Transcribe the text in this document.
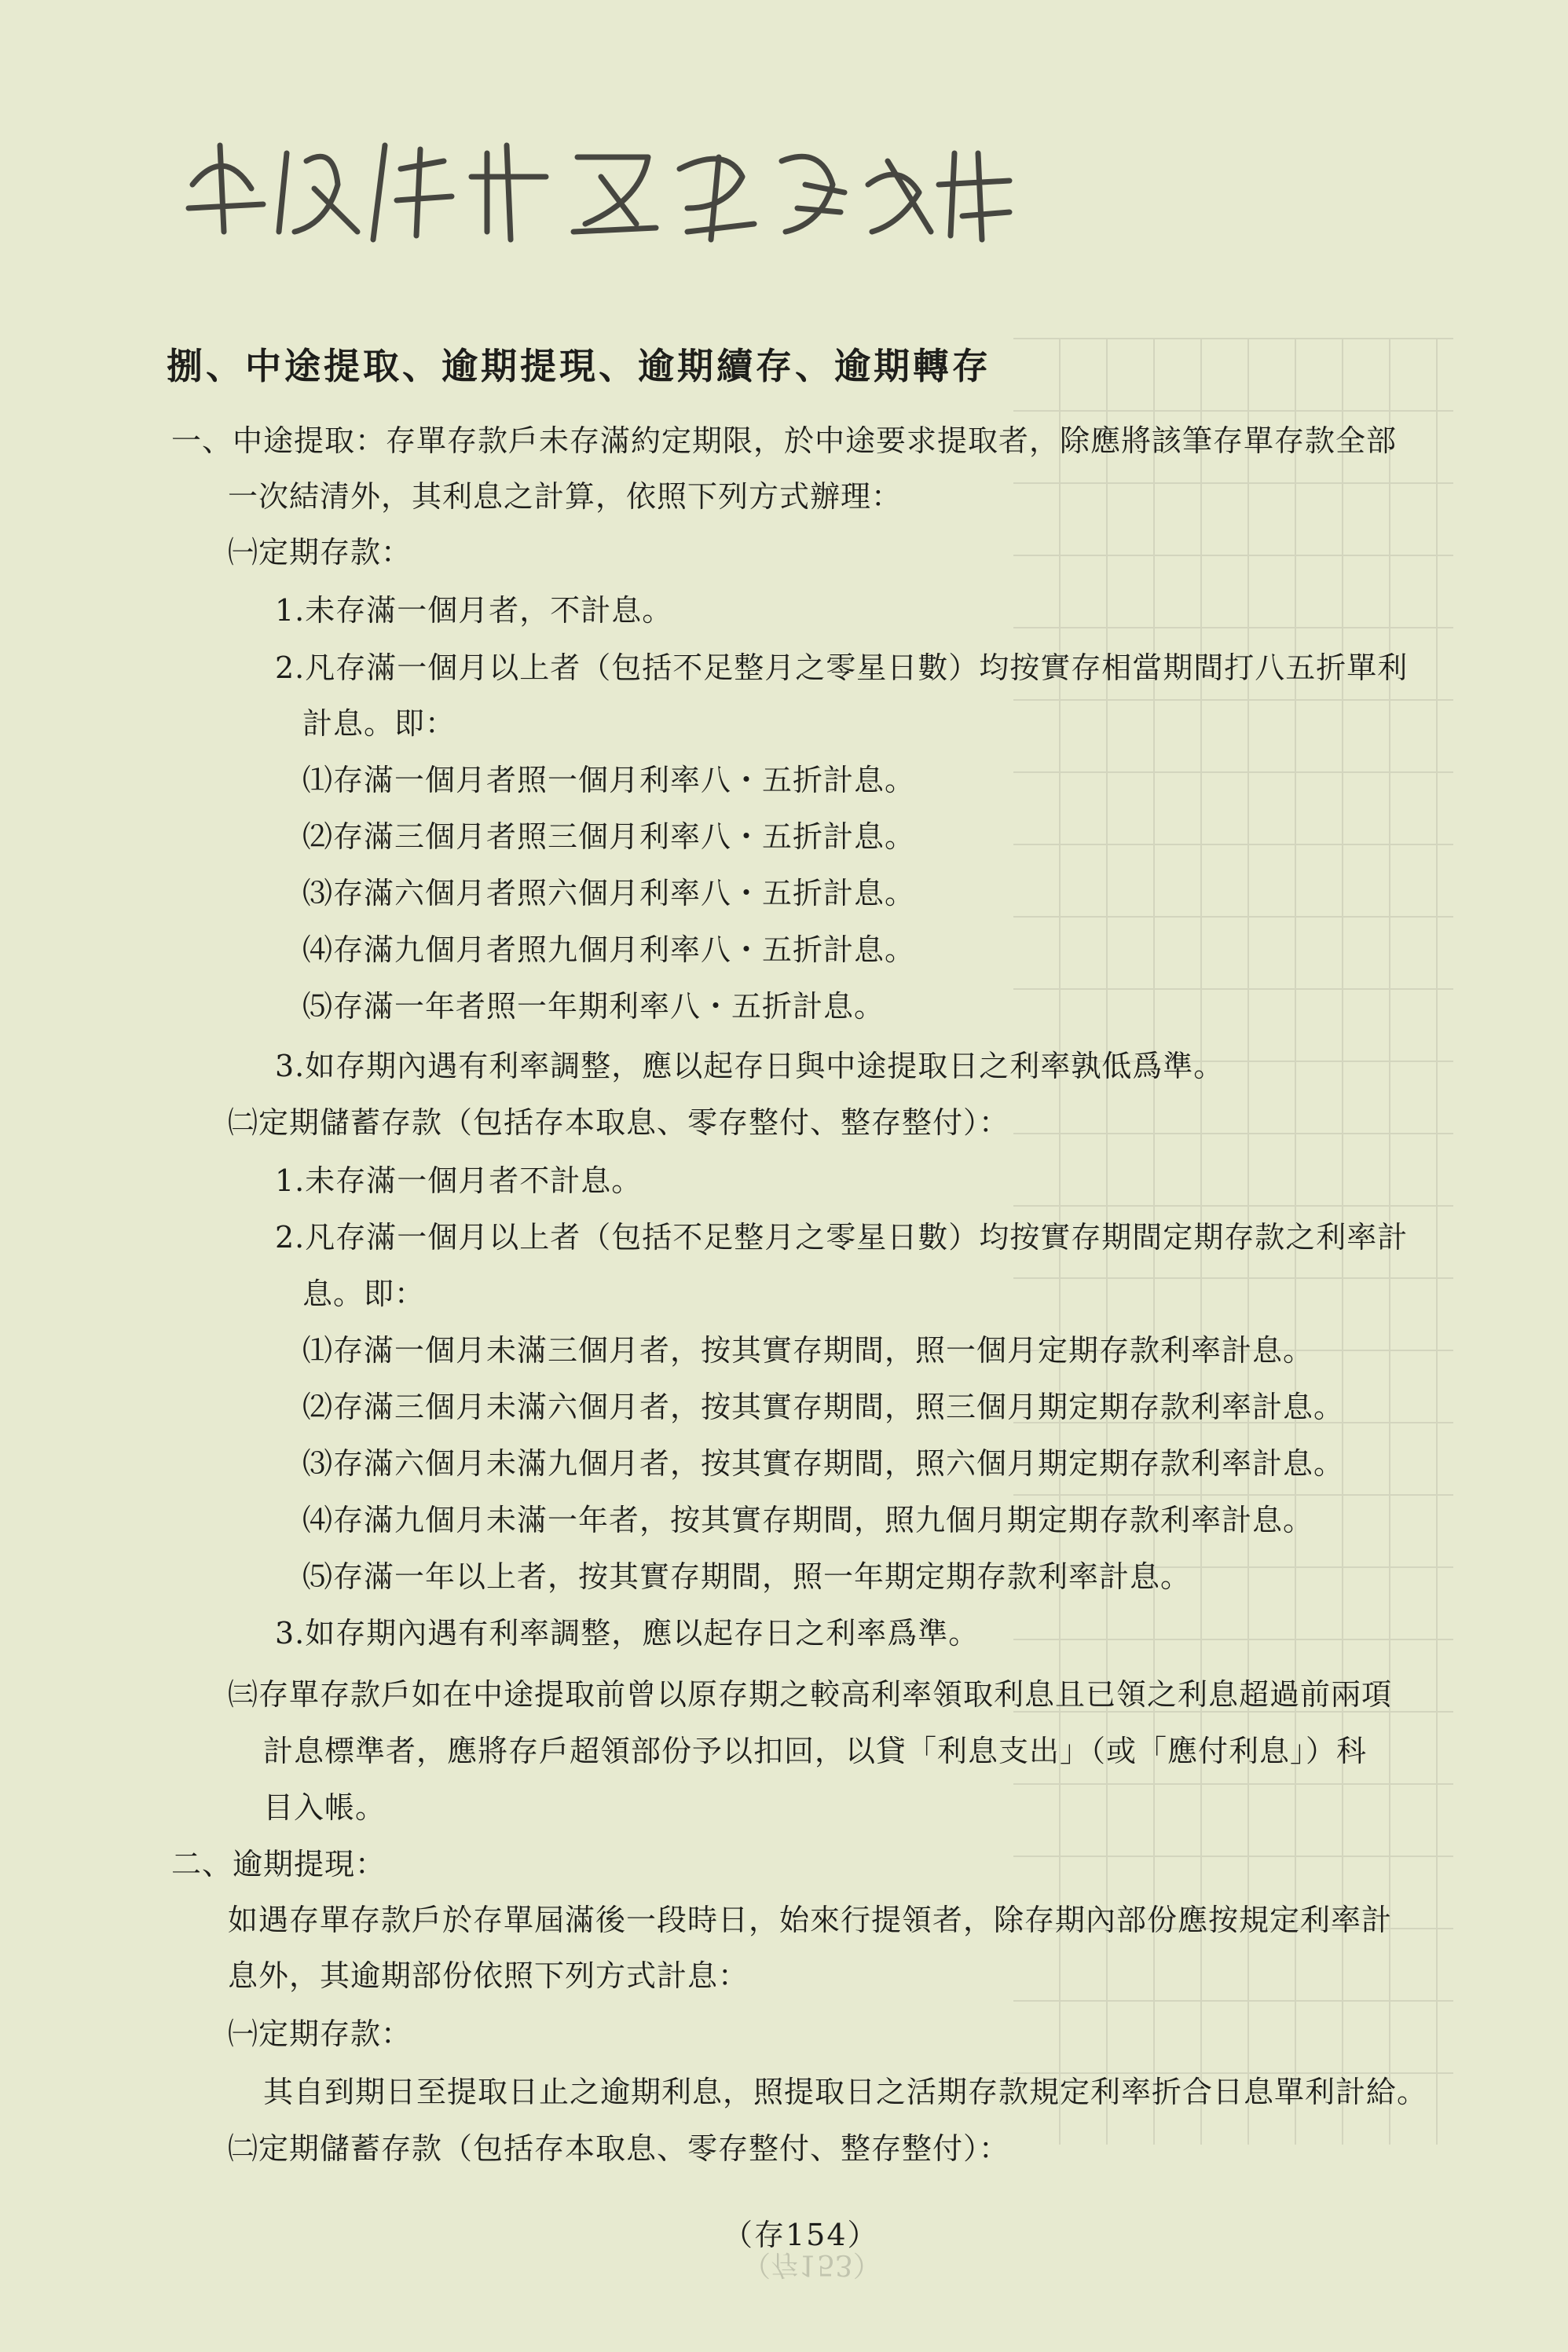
捌、中途提取、逾期提現、逾期續存、逾期轉存
一、中途提取：存單存款戶未存滿約定期限，於中途要求提取者，除應將該筆存單存款全部
一次結清外，其利息之計算，依照下列方式辦理：
㈠定期存款：
1.未存滿一個月者，不計息。
2.凡存滿一個月以上者（包括不足整月之零星日數）均按實存相當期間打八五折單利
計息。即：
⑴存滿一個月者照一個月利率八・五折計息。
⑵存滿三個月者照三個月利率八・五折計息。
⑶存滿六個月者照六個月利率八・五折計息。
⑷存滿九個月者照九個月利率八・五折計息。
⑸存滿一年者照一年期利率八・五折計息。
3.如存期內遇有利率調整，應以起存日與中途提取日之利率孰低爲準。
㈡定期儲蓄存款（包括存本取息、零存整付、整存整付）：
1.未存滿一個月者不計息。
2.凡存滿一個月以上者（包括不足整月之零星日數）均按實存期間定期存款之利率計
息。即：
⑴存滿一個月未滿三個月者，按其實存期間，照一個月定期存款利率計息。
⑵存滿三個月未滿六個月者，按其實存期間，照三個月期定期存款利率計息。
⑶存滿六個月未滿九個月者，按其實存期間，照六個月期定期存款利率計息。
⑷存滿九個月未滿一年者，按其實存期間，照九個月期定期存款利率計息。
⑸存滿一年以上者，按其實存期間，照一年期定期存款利率計息。
3.如存期內遇有利率調整，應以起存日之利率爲準。
㈢存單存款戶如在中途提取前曾以原存期之較高利率領取利息且已領之利息超過前兩項
計息標準者，應將存戶超領部份予以扣回，以貸「利息支出」（或「應付利息」）科
目入帳。
二、逾期提現：
如遇存單存款戶於存單屆滿後一段時日，始來行提領者，除存期內部份應按規定利率計
息外，其逾期部份依照下列方式計息：
㈠定期存款：
其自到期日至提取日止之逾期利息，照提取日之活期存款規定利率折合日息單利計給。
㈡定期儲蓄存款（包括存本取息、零存整付、整存整付）：
（存154）
（存153）
